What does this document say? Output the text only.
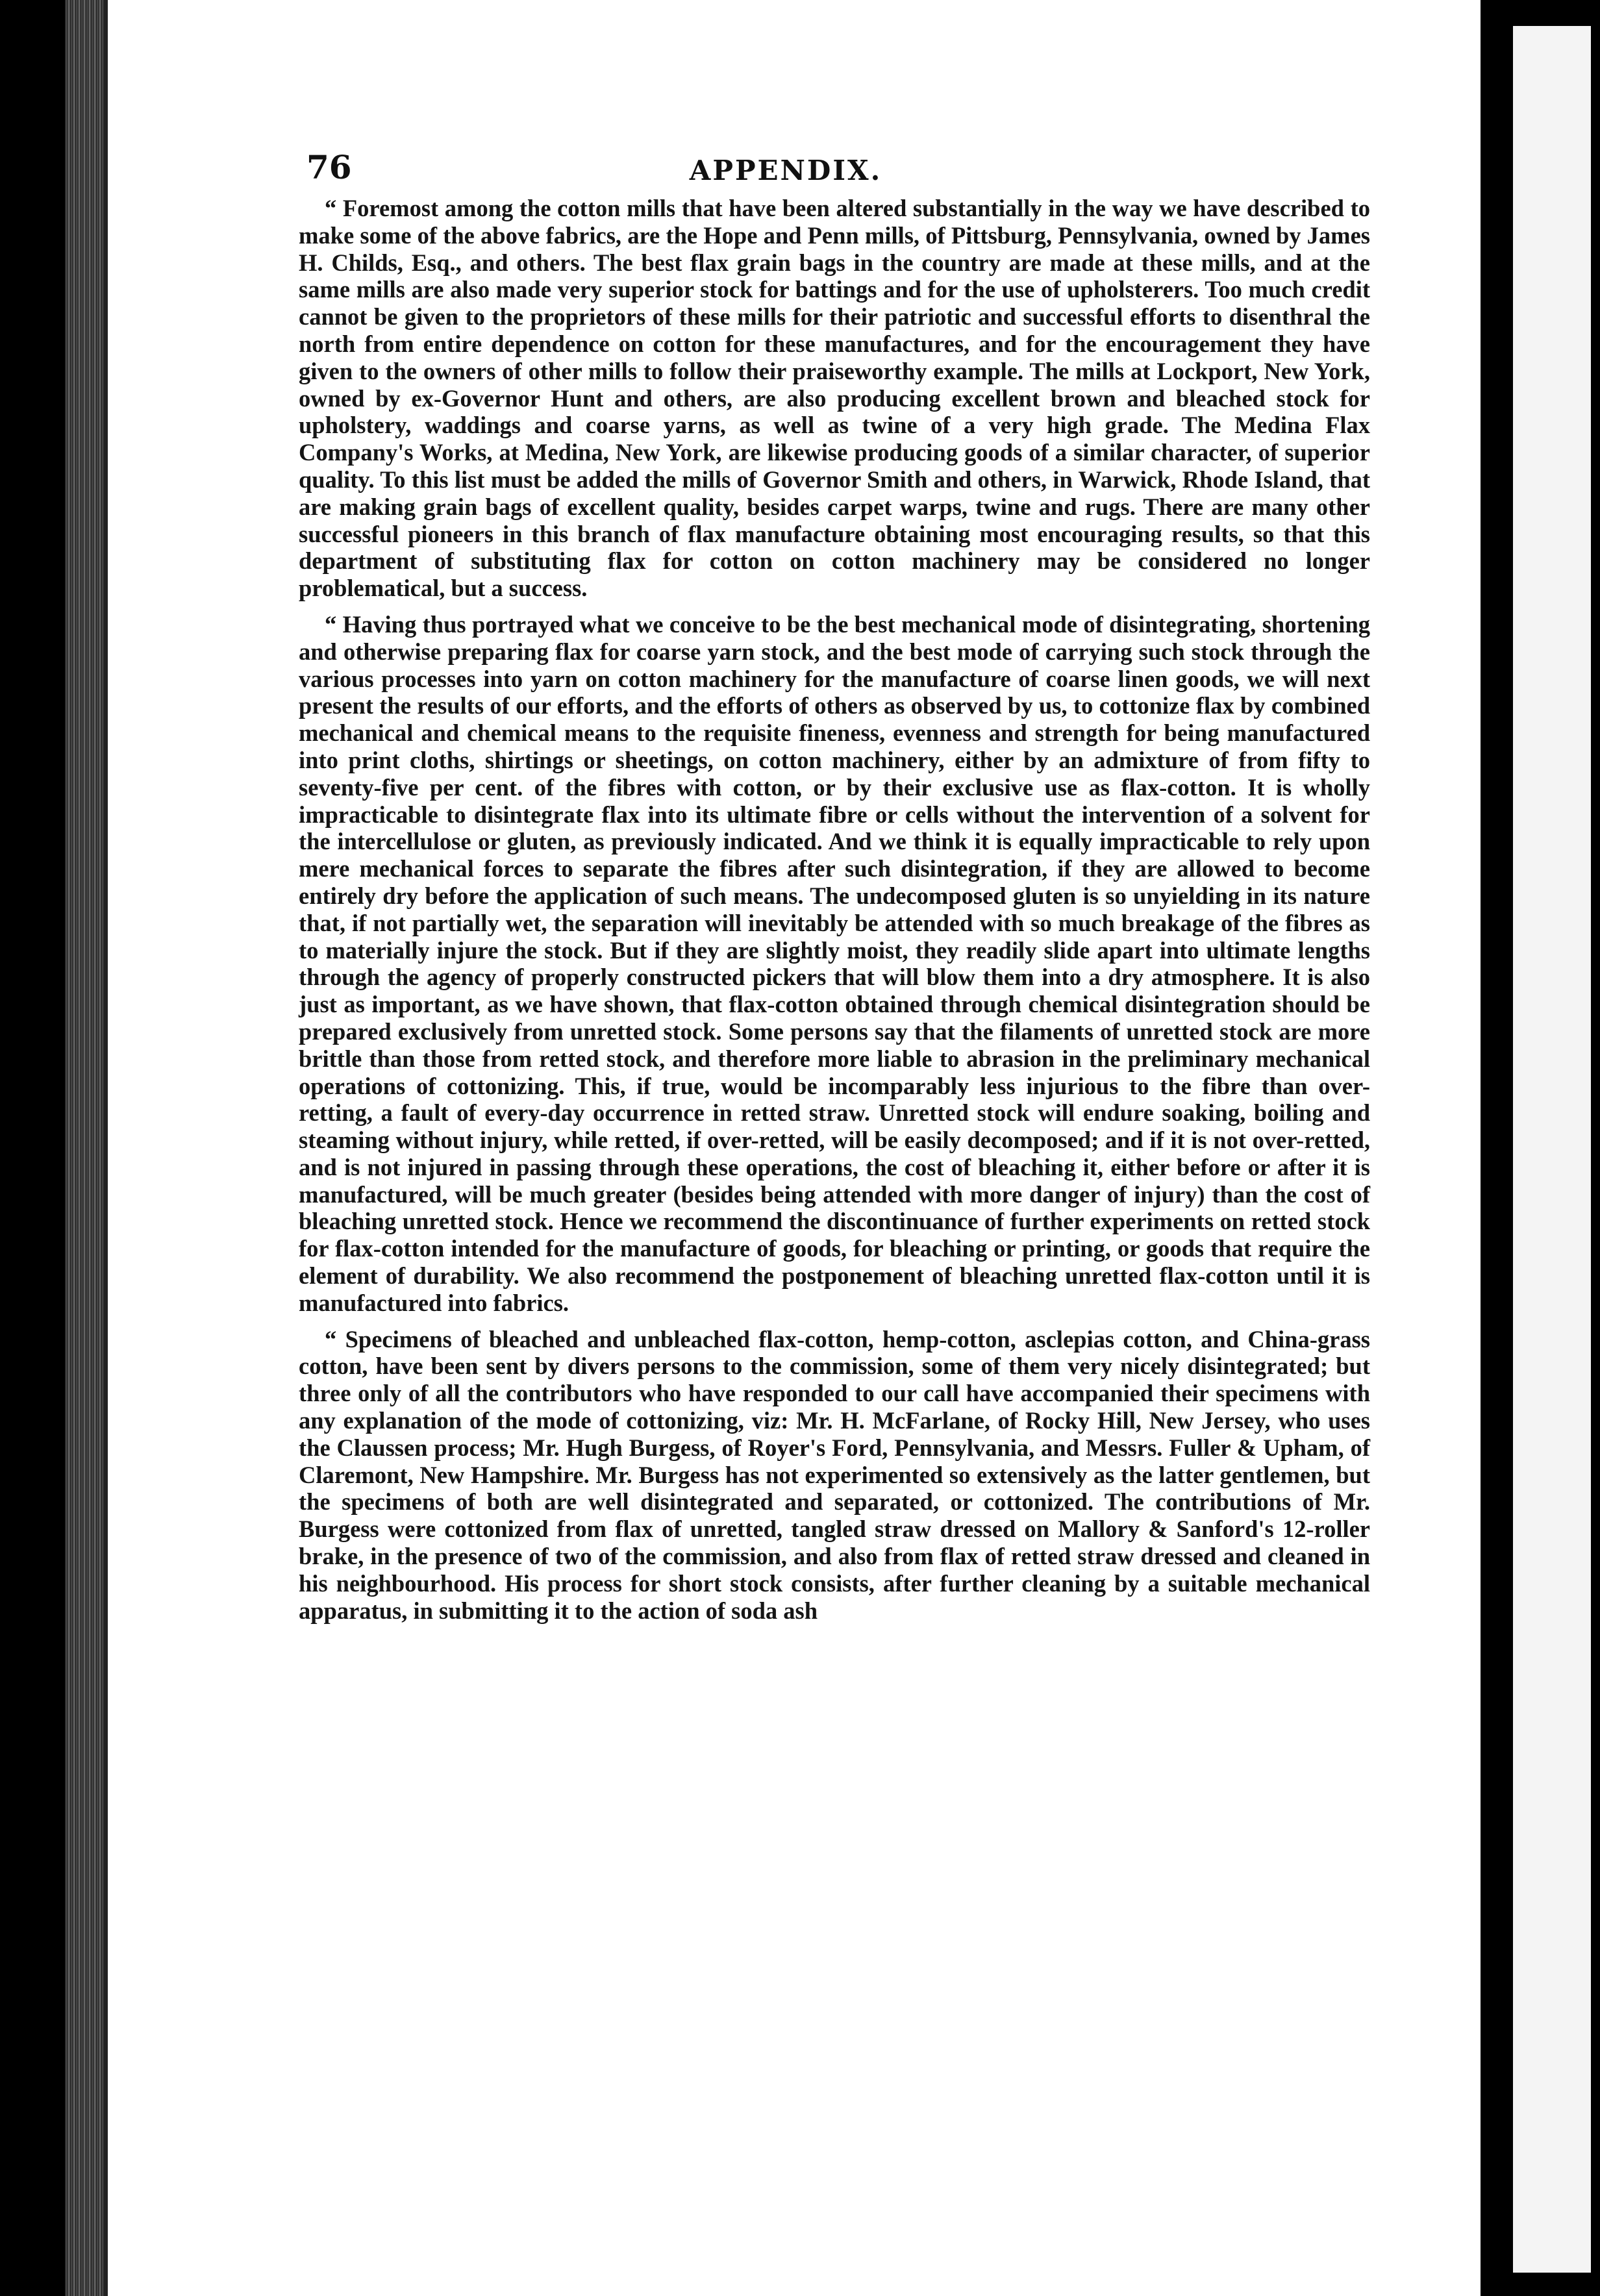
76	APPENDIX.

“ Foremost among the cotton mills that have been altered substantially in the way we have described to make some of the above fabrics, are the Hope and Penn mills, of Pittsburg, Pennsylvania, owned by James H. Childs, Esq., and others. The best flax grain bags in the country are made at these mills, and at the same mills are also made very superior stock for battings and for the use of upholsterers. Too much credit cannot be given to the proprietors of these mills for their patriotic and successful efforts to disenthral the north from entire dependence on cotton for these manufactures, and for the encouragement they have given to the owners of other mills to follow their praiseworthy example. The mills at Lockport, New York, owned by ex-Governor Hunt and others, are also producing excellent brown and bleached stock for upholstery, waddings and coarse yarns, as well as twine of a very high grade. The Medina Flax Company's Works, at Medina, New York, are likewise producing goods of a similar character, of superior quality. To this list must be added the mills of Governor Smith and others, in Warwick, Rhode Island, that are making grain bags of excellent quality, besides carpet warps, twine and rugs. There are many other successful pioneers in this branch of flax manufacture obtaining most encouraging results, so that this department of substituting flax for cotton on cotton machinery may be considered no longer problematical, but a success.

“ Having thus portrayed what we conceive to be the best mechanical mode of disintegrating, shortening and otherwise preparing flax for coarse yarn stock, and the best mode of carrying such stock through the various processes into yarn on cotton machinery for the manufacture of coarse linen goods, we will next present the results of our efforts, and the efforts of others as observed by us, to cottonize flax by combined mechanical and chemical means to the requisite fineness, evenness and strength for being manufactured into print cloths, shirtings or sheetings, on cotton machinery, either by an admixture of from fifty to seventy-five per cent. of the fibres with cotton, or by their exclusive use as flax-cotton. It is wholly impracticable to disintegrate flax into its ultimate fibre or cells without the intervention of a solvent for the intercellulose or gluten, as previously indicated. And we think it is equally impracticable to rely upon mere mechanical forces to separate the fibres after such disintegration, if they are allowed to become entirely dry before the application of such means. The undecomposed gluten is so unyielding in its nature that, if not partially wet, the separation will inevitably be attended with so much breakage of the fibres as to materially injure the stock. But if they are slightly moist, they readily slide apart into ultimate lengths through the agency of properly constructed pickers that will blow them into a dry atmosphere. It is also just as important, as we have shown, that flax-cotton obtained through chemical disintegration should be prepared exclusively from unretted stock. Some persons say that the filaments of unretted stock are more brittle than those from retted stock, and therefore more liable to abrasion in the preliminary mechanical operations of cottonizing. This, if true, would be incomparably less injurious to the fibre than over-retting, a fault of every-day occurrence in retted straw. Unretted stock will endure soaking, boiling and steaming without injury, while retted, if over-retted, will be easily decomposed; and if it is not over-retted, and is not injured in passing through these operations, the cost of bleaching it, either before or after it is manufactured, will be much greater (besides being attended with more danger of injury) than the cost of bleaching unretted stock. Hence we recommend the discontinuance of further experiments on retted stock for flax-cotton intended for the manufacture of goods, for bleaching or printing, or goods that require the element of durability. We also recommend the postponement of bleaching unretted flax-cotton until it is manufactured into fabrics.

“ Specimens of bleached and unbleached flax-cotton, hemp-cotton, asclepias cotton, and China-grass cotton, have been sent by divers persons to the commission, some of them very nicely disintegrated; but three only of all the contributors who have responded to our call have accompanied their specimens with any explanation of the mode of cottonizing, viz: Mr. H. McFarlane, of Rocky Hill, New Jersey, who uses the Claussen process; Mr. Hugh Burgess, of Royer's Ford, Pennsylvania, and Messrs. Fuller & Upham, of Claremont, New Hampshire. Mr. Burgess has not experimented so extensively as the latter gentlemen, but the specimens of both are well disintegrated and separated, or cottonized. The contributions of Mr. Burgess were cottonized from flax of unretted, tangled straw dressed on Mallory & Sanford's 12-roller brake, in the presence of two of the commission, and also from flax of retted straw dressed and cleaned in his neighbourhood. His process for short stock consists, after further cleaning by a suitable mechanical apparatus, in submitting it to the action of soda ash
